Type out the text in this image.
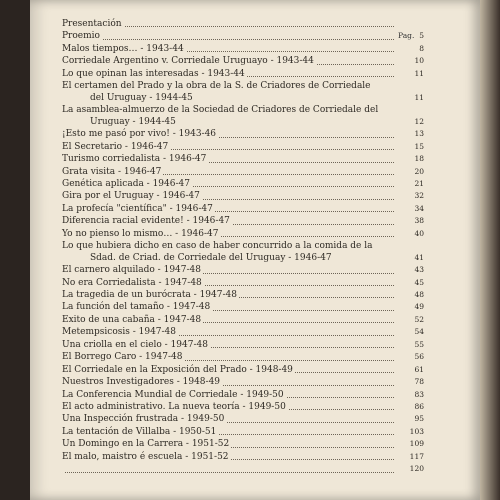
Pag.
Presentación
Proemio	5
Malos tiempos… - 1943-44	8
Corriedale Argentino v. Corriedale Uruguayo - 1943-44	10
Lo que opinan las interesadas - 1943-44	11
El certamen del Prado y la obra de la S. de Criadores de Corriedale
del Uruguay - 1944-45	11
La asamblea-almuerzo de la Sociedad de Criadores de Corriedale del
Uruguay - 1944-45	12
¡Esto me pasó por vivo! - 1943-46	13
El Secretario - 1946-47	15
Turismo corriedalista - 1946-47	18
Grata visita - 1946-47	20
Genética aplicada - 1946-47	21
Gira por el Uruguay - 1946-47	32
La profecía "científica" - 1946-47	34
Diferencia racial evidente! - 1946-47	38
Yo no pienso lo mismo… - 1946-47	40
Lo que hubiera dicho en caso de haber concurrido a la comida de la
Sdad. de Criad. de Corriedale del Uruguay - 1946-47	41
El carnero alquilado - 1947-48	43
No era Corriedalista - 1947-48	45
La tragedia de un burócrata - 1947-48	48
La función del tamaño - 1947-48	49
Exito de una cabaña - 1947-48	52
Metempsicosis - 1947-48	54
Una criolla en el cielo - 1947-48	55
El Borrego Caro - 1947-48	56
El Corriedale en la Exposición del Prado - 1948-49	61
Nuestros Investigadores - 1948-49	78
La Conferencia Mundial de Corriedale - 1949-50	83
El acto administrativo. La nueva teoría - 1949-50	86
Una Inspección frustrada - 1949-50	95
La tentación de Villalba - 1950-51	103
Un Domingo en la Carrera - 1951-52	109
El malo, maistro é escuela - 1951-52	117
120
